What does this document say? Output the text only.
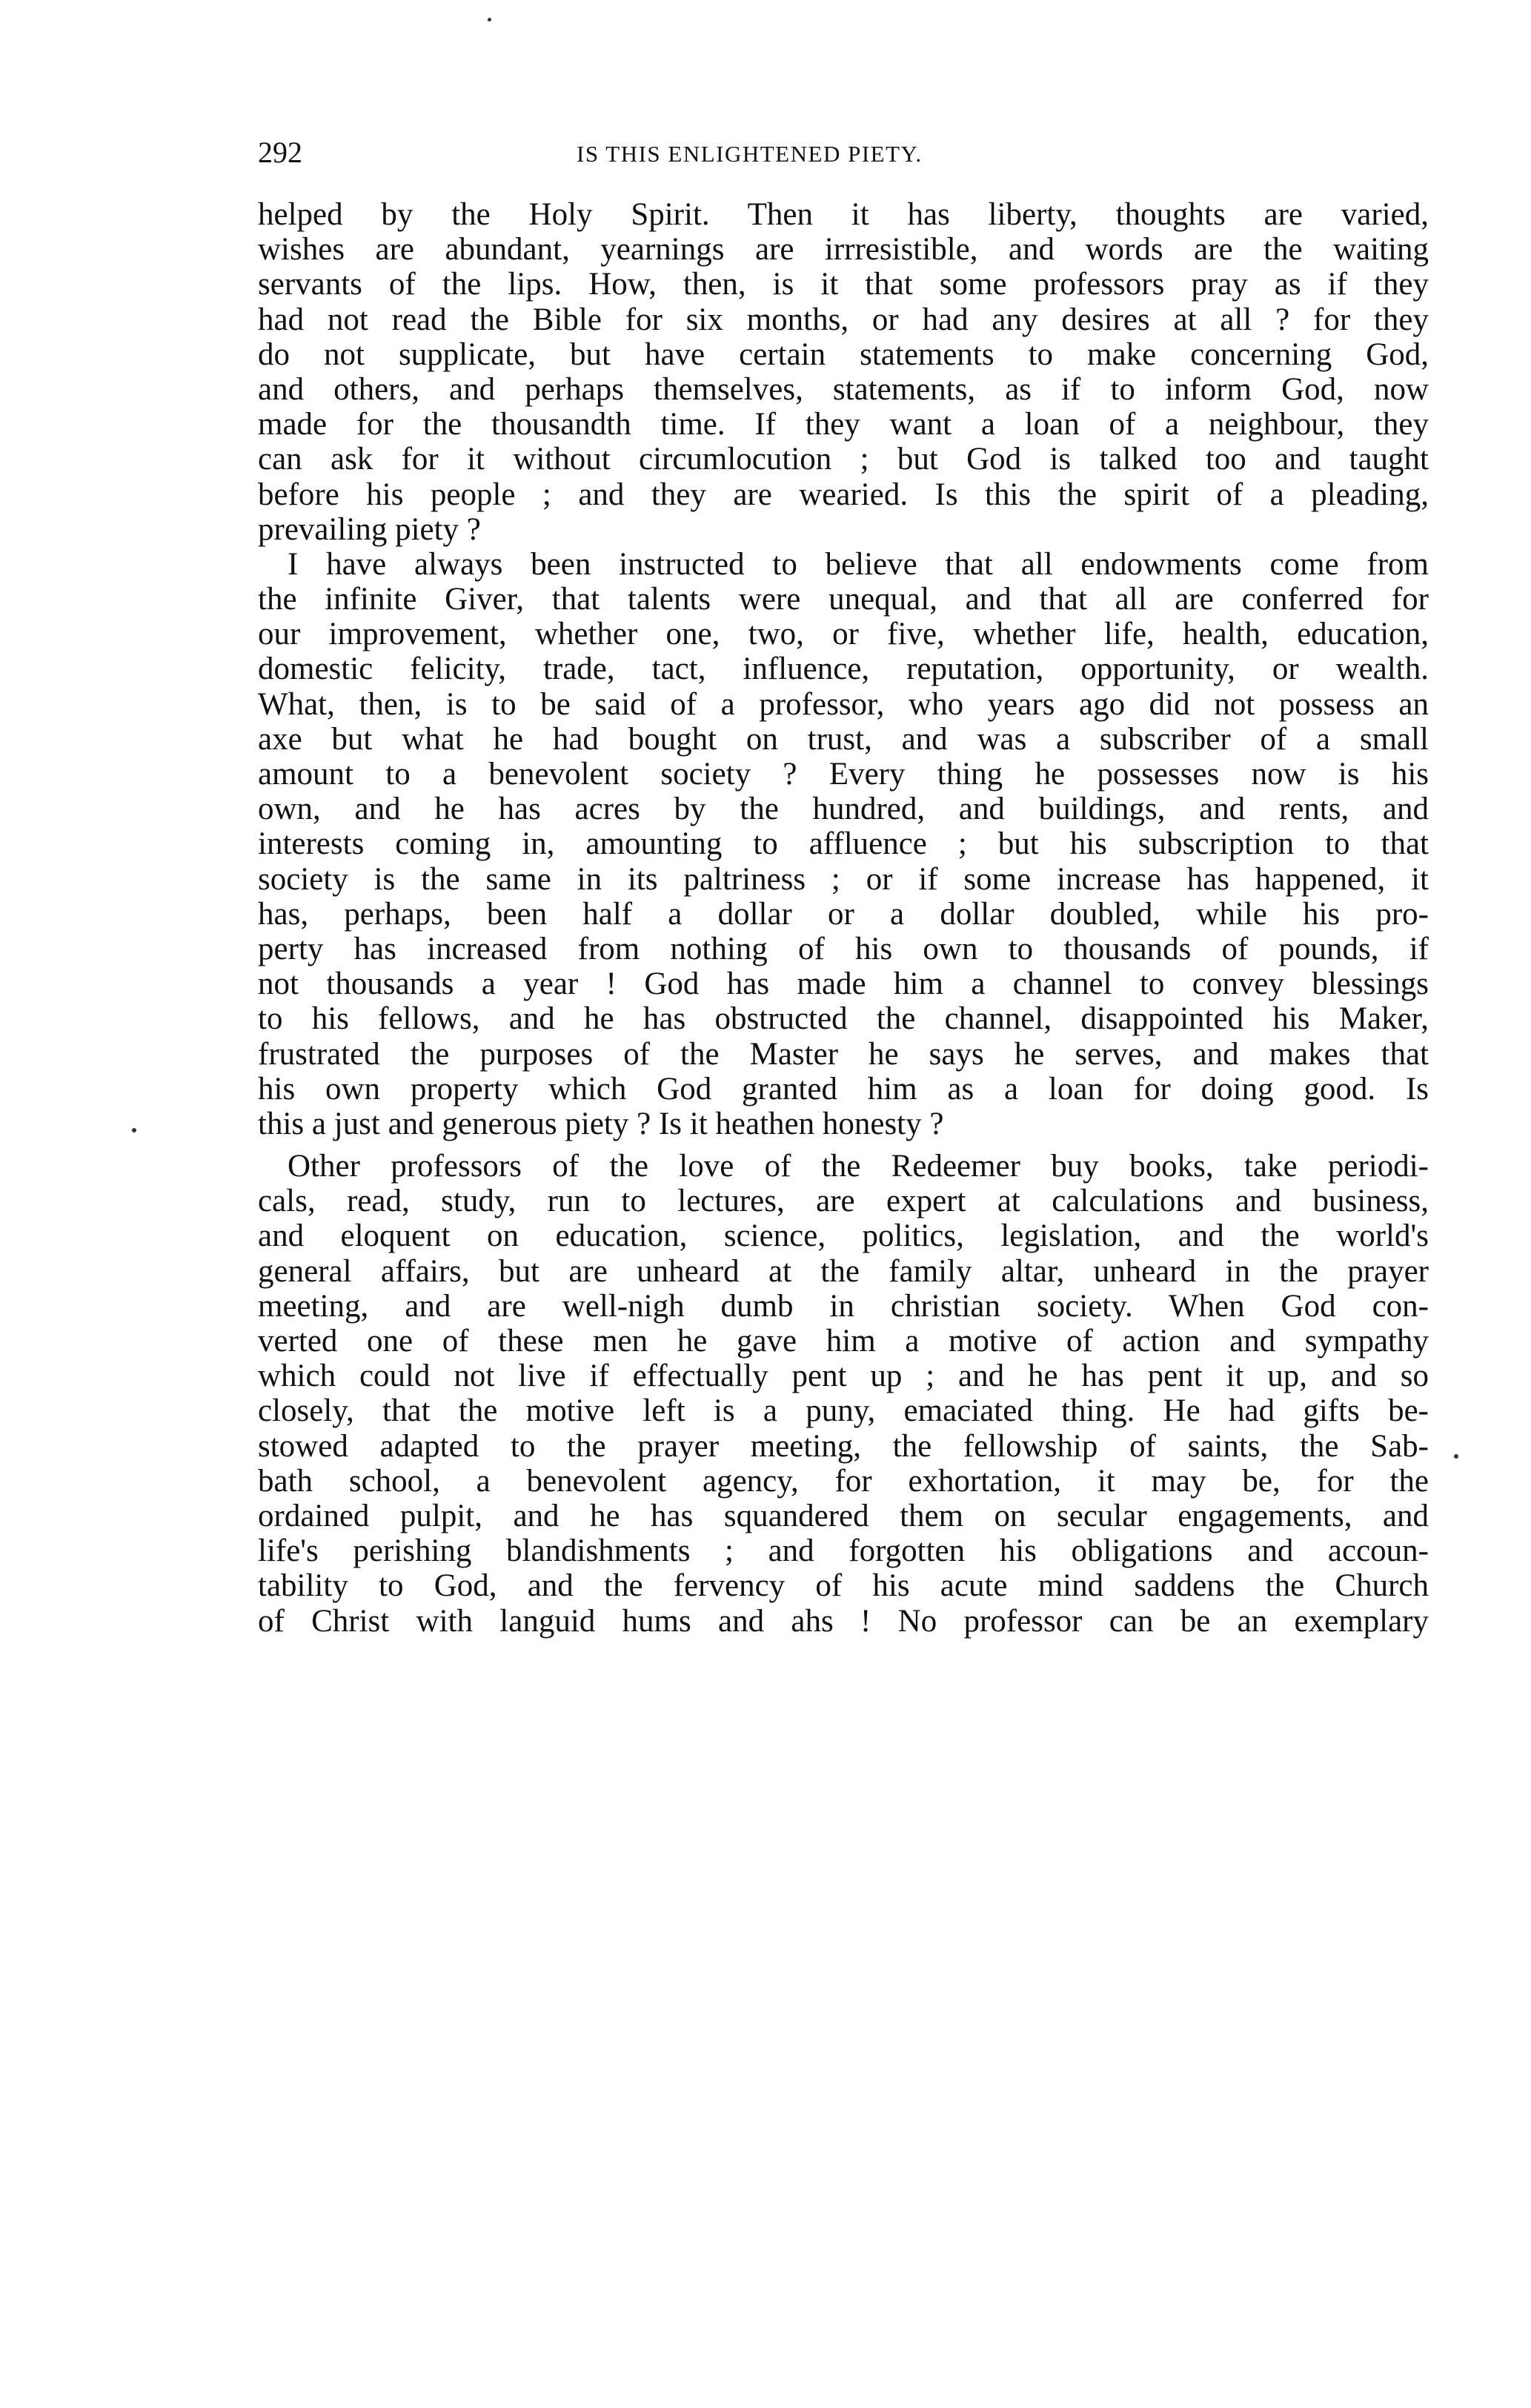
292	IS THIS ENLIGHTENED PIETY.
helped by the Holy Spirit. Then it has liberty, thoughts are varied,
wishes are abundant, yearnings are irrresistible, and words are the waiting
servants of the lips. How, then, is it that some professors pray as if they
had not read the Bible for six months, or had any desires at all ? for they
do not supplicate, but have certain statements to make concerning God,
and others, and perhaps themselves, statements, as if to inform God, now
made for the thousandth time. If they want a loan of a neighbour, they
can ask for it without circumlocution ; but God is talked too and taught
before his people ; and they are wearied. Is this the spirit of a pleading,
prevailing piety ?
I have always been instructed to believe that all endowments come from
the infinite Giver, that talents were unequal, and that all are conferred for
our improvement, whether one, two, or five, whether life, health, education,
domestic felicity, trade, tact, influence, reputation, opportunity, or wealth.
What, then, is to be said of a professor, who years ago did not possess an
axe but what he had bought on trust, and was a subscriber of a small
amount to a benevolent society ? Every thing he possesses now is his
own, and he has acres by the hundred, and buildings, and rents, and
interests coming in, amounting to affluence ; but his subscription to that
society is the same in its paltriness ; or if some increase has happened, it
has, perhaps, been half a dollar or a dollar doubled, while his pro-
perty has increased from nothing of his own to thousands of pounds, if
not thousands a year ! God has made him a channel to convey blessings
to his fellows, and he has obstructed the channel, disappointed his Maker,
frustrated the purposes of the Master he says he serves, and makes that
his own property which God granted him as a loan for doing good. Is
this a just and generous piety ? Is it heathen honesty ?
Other professors of the love of the Redeemer buy books, take periodi-
cals, read, study, run to lectures, are expert at calculations and business,
and eloquent on education, science, politics, legislation, and the world's
general affairs, but are unheard at the family altar, unheard in the prayer
meeting, and are well-nigh dumb in christian society. When God con-
verted one of these men he gave him a motive of action and sympathy
which could not live if effectually pent up ; and he has pent it up, and so
closely, that the motive left is a puny, emaciated thing. He had gifts be-
stowed adapted to the prayer meeting, the fellowship of saints, the Sab-
bath school, a benevolent agency, for exhortation, it may be, for the
ordained pulpit, and he has squandered them on secular engagements, and
life's perishing blandishments ; and forgotten his obligations and accoun-
tability to God, and the fervency of his acute mind saddens the Church
of Christ with languid hums and ahs ! No professor can be an exemplary
